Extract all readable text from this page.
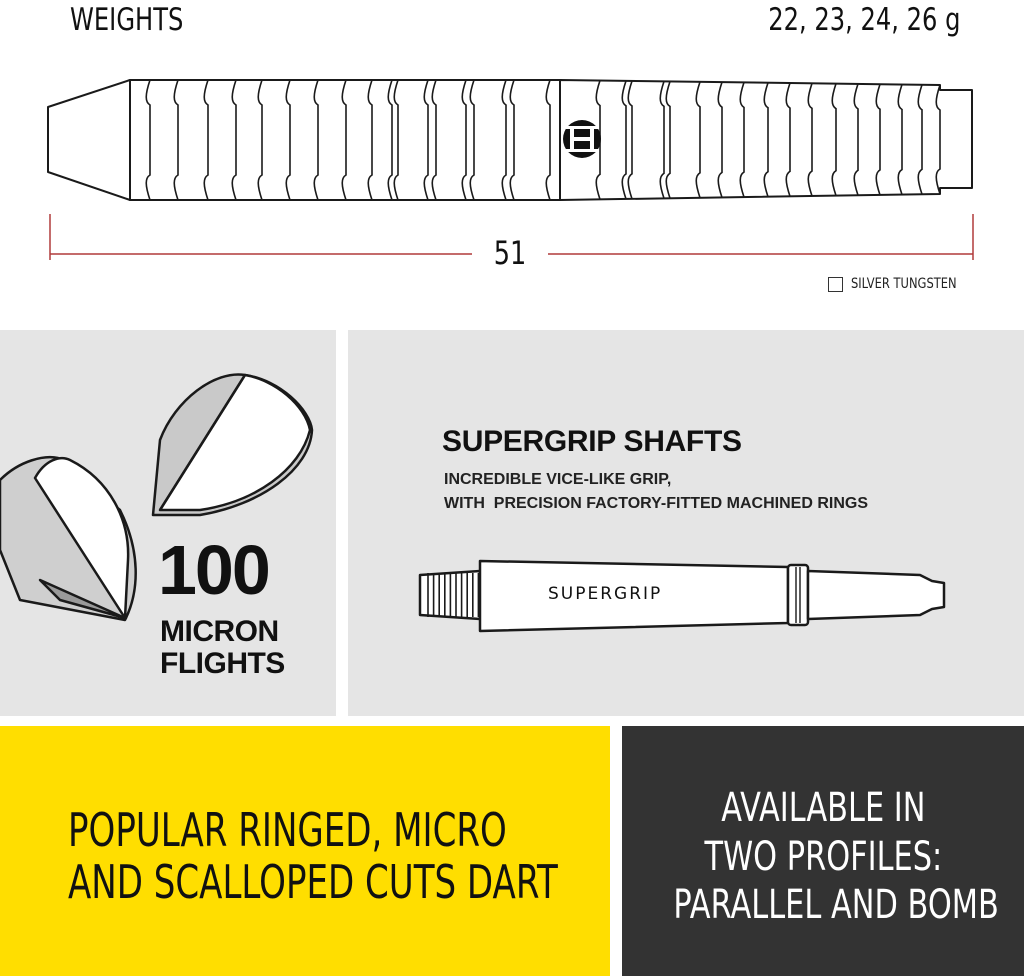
WEIGHTS	22, 23, 24, 26 g
51
SILVER TUNGSTEN
100
MICRON
FLIGHTS
SUPERGRIP SHAFTS
INCREDIBLE VICE-LIKE GRIP,
WITH  PRECISION FACTORY-FITTED MACHINED RINGS
SUPERGRIP
POPULAR RINGED, MICRO
AND SCALLOPED CUTS DART
AVAILABLE IN
TWO PROFILES:
PARALLEL AND BOMB
